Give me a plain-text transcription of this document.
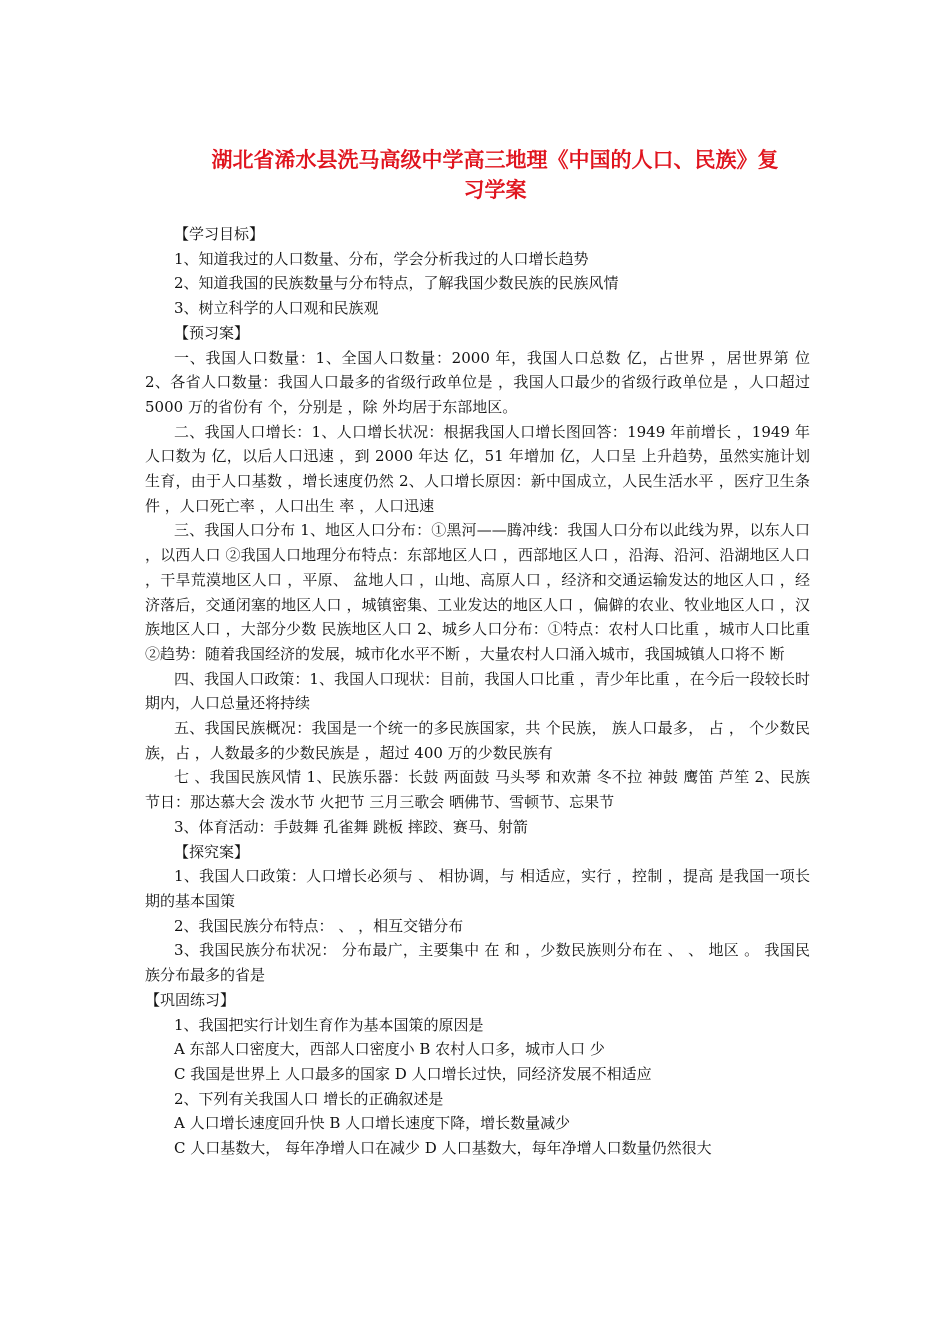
湖北省浠水县洗马高级中学高三地理《中国的人口、民族》复
习学案

【学习目标】

1、知道我过的人口数量、分布，学会分析我过的人口增长趋势

2、知道我国的民族数量与分布特点，了解我国少数民族的民族风情

3、树立科学的人口观和民族观

【预习案】

一、我国人口数量：1、全国人口数量：2000 年，我国人口总数 亿，占世界 ，居世界第 位 2、各省人口数量：我国人口最多的省级行政单位是 ，我国人口最少的省级行政单位是 ，人口超过 5000 万的省份有 个，分别是 ，除 外均居于东部地区。

二、我国人口增长：1、人口增长状况：根据我国人口增长图回答：1949 年前增长 ，1949 年人口数为 亿，以后人口迅速 ，到 2000 年达 亿，51 年增加 亿，人口呈 上升趋势，虽然实施计划生育，由于人口基数 ，增长速度仍然 2、人口增长原因：新中国成立，人民生活水平 ，医疗卫生条件 ，人口死亡率 ，人口出生 率 ，人口迅速

三、我国人口分布 1、地区人口分布：①黑河——腾冲线：我国人口分布以此线为界，以东人口 ，以西人口 ②我国人口地理分布特点：东部地区人口 ，西部地区人口 ，沿海、沿河、沿湖地区人口 ，干旱荒漠地区人口 ，平原、 盆地人口 ，山地、高原人口 ，经济和交通运输发达的地区人口 ，经济落后，交通闭塞的地区人口 ，城镇密集、工业发达的地区人口 ，偏僻的农业、牧业地区人口 ，汉族地区人口 ，大部分少数 民族地区人口 2、城乡人口分布：①特点：农村人口比重 ，城市人口比重 ②趋势：随着我国经济的发展，城市化水平不断 ，大量农村人口涌入城市，我国城镇人口将不 断

四、我国人口政策：1、我国人口现状：目前，我国人口比重 ，青少年比重 ，在今后一段较长时期内，人口总量还将持续

五、我国民族概况：我国是一个统一的多民族国家，共 个民族， 族人口最多， 占 ， 个少数民族，占 ，人数最多的少数民族是 ，超过 400 万的少数民族有

七 、我国民族风情 1、民族乐器：长鼓 两面鼓 马头琴 和欢萧 冬不拉 神鼓 鹰笛 芦笙 2、民族节日：那达慕大会 泼水节 火把节 三月三歌会 晒佛节、雪顿节、忘果节

3、体育活动：手鼓舞 孔雀舞 跳板 摔跤、赛马、射箭

【探究案】

1、我国人口政策：人口增长必须与 、 相协调，与 相适应，实行 ，控制 ，提高 是我国一项长期的基本国策

2、我国民族分布特点： 、 ，相互交错分布

3、我国民族分布状况： 分布最广，主要集中 在 和 ，少数民族则分布在 、 、 地区 。 我国民族分布最多的省是

【巩固练习】

1、我国把实行计划生育作为基本国策的原因是

A 东部人口密度大，西部人口密度小 B 农村人口多，城市人口 少

C 我国是世界上 人口最多的国家 D 人口增长过快，同经济发展不相适应

2、下列有关我国人口 增长的正确叙述是

A 人口增长速度回升快 B 人口增长速度下降，增长数量减少

C 人口基数大， 每年净增人口在减少 D 人口基数大，每年净增人口数量仍然很大
